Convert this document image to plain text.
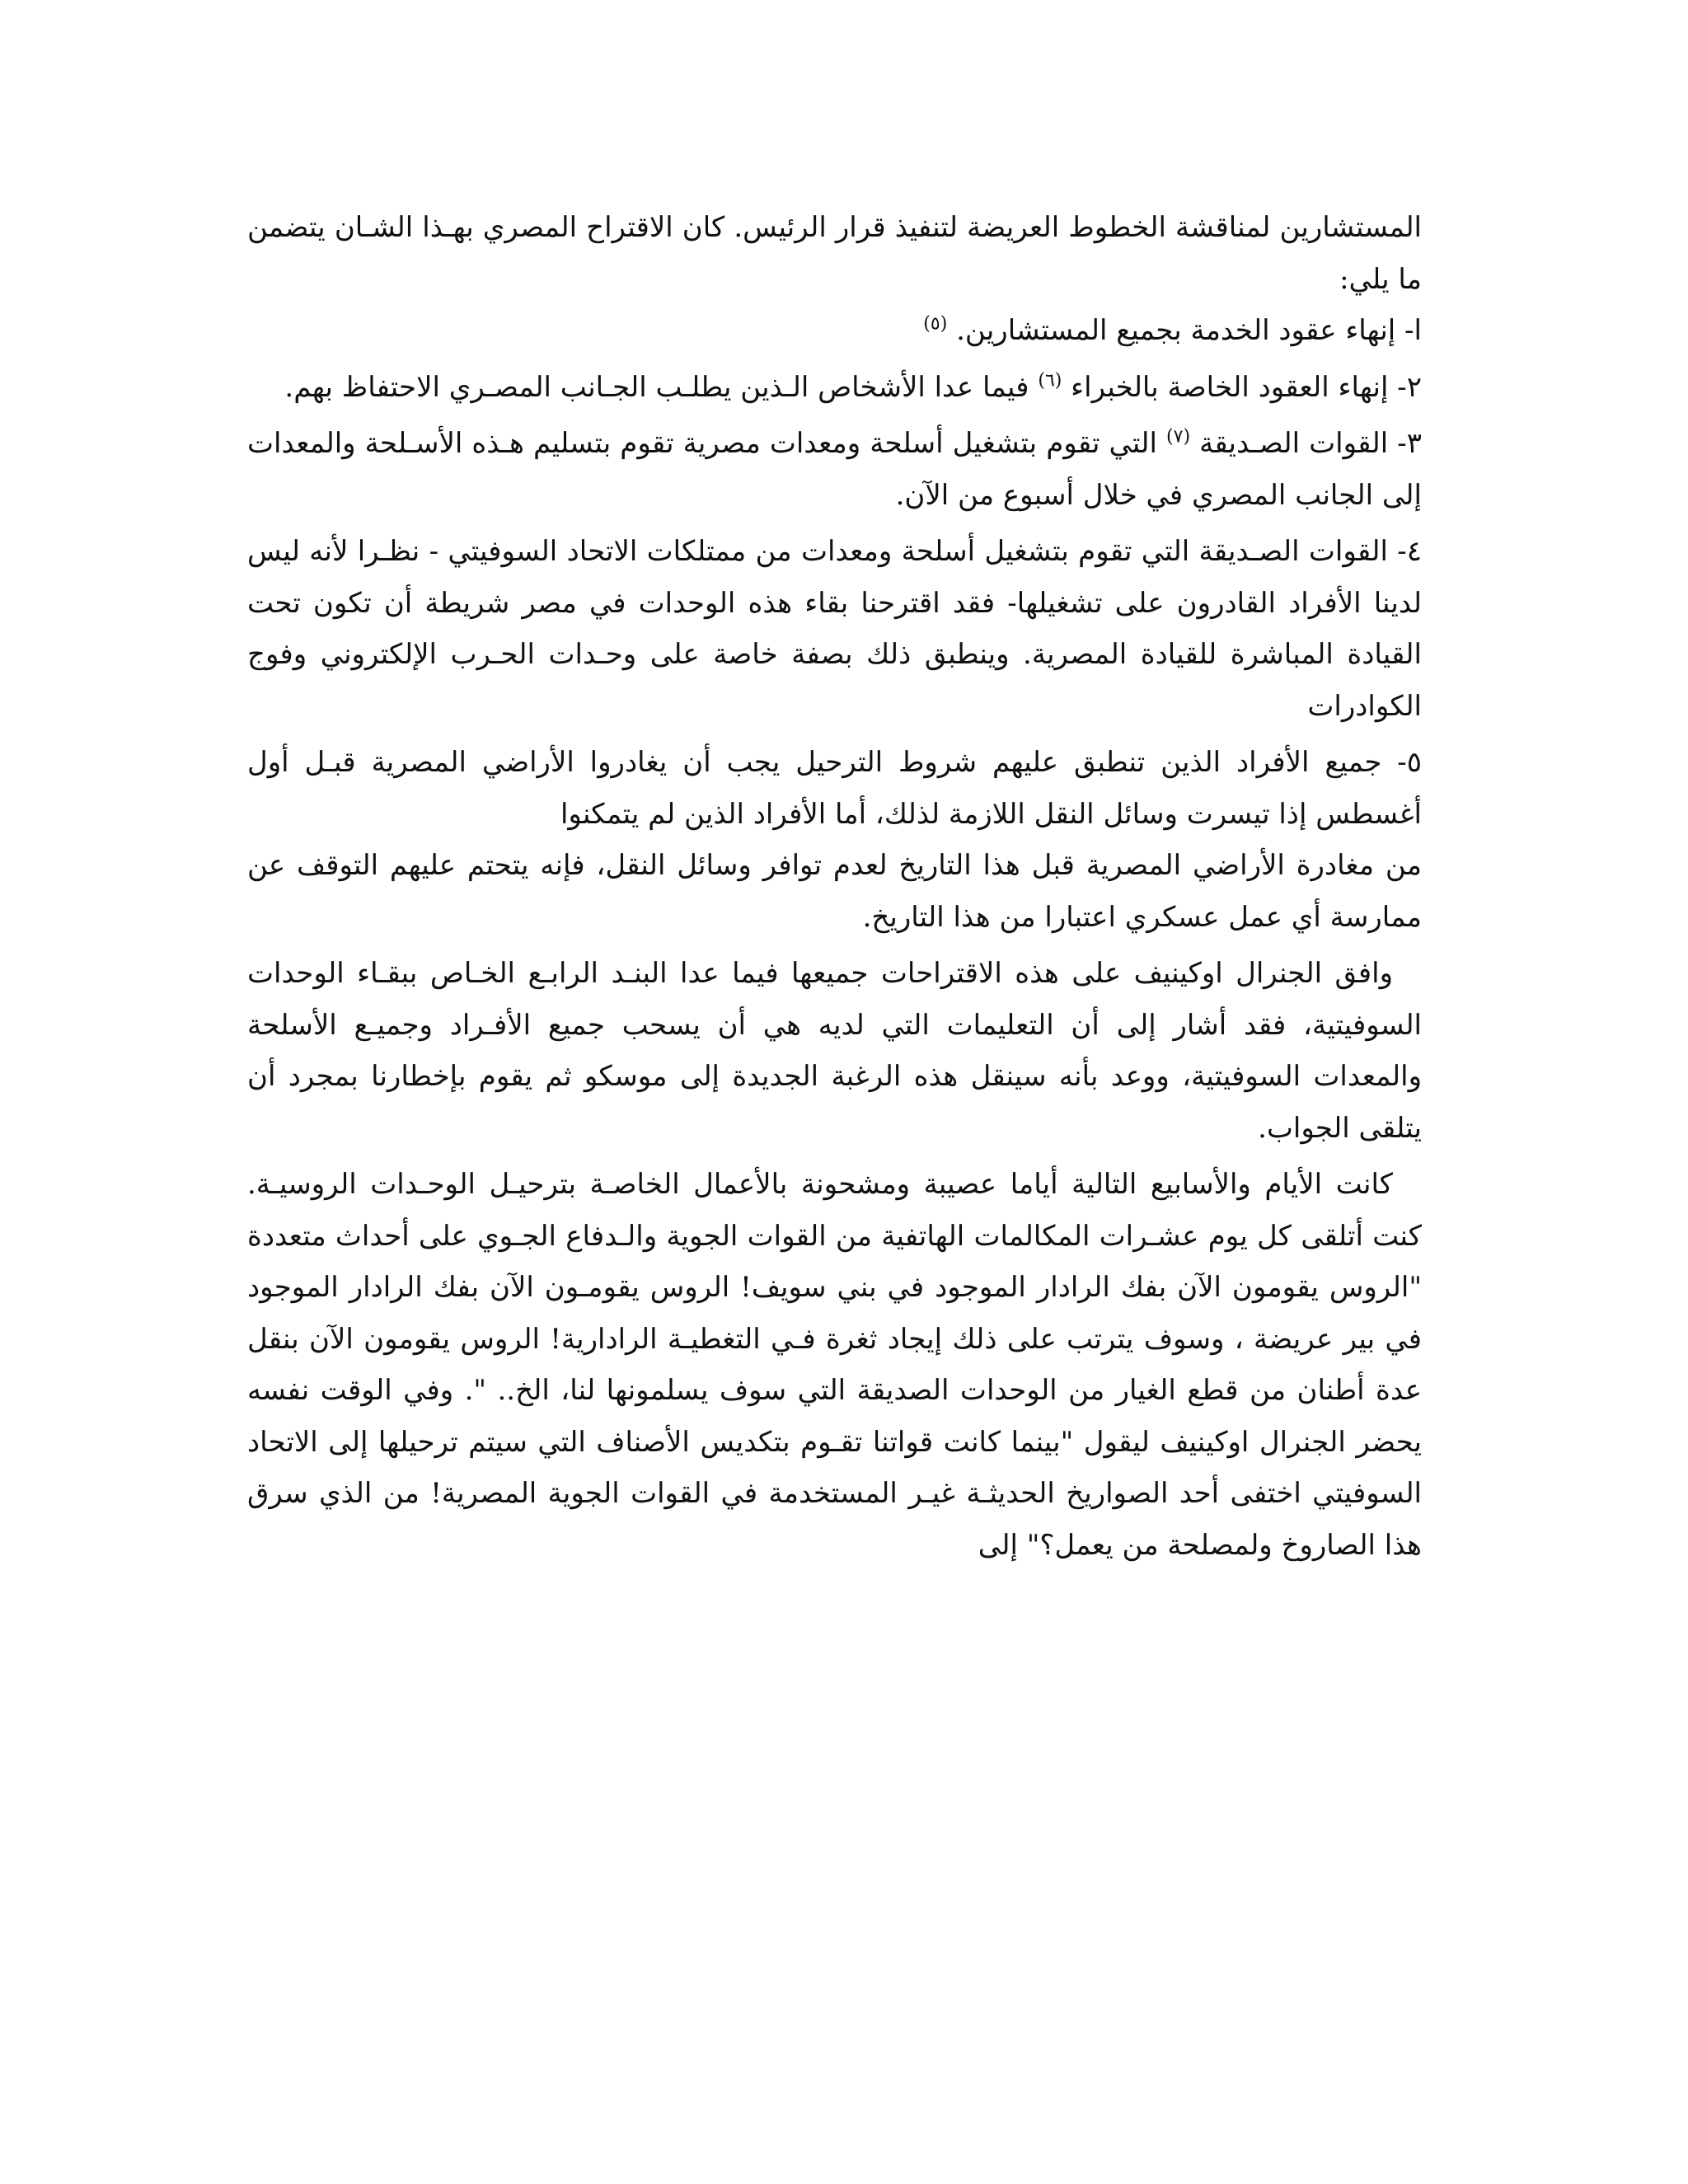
المستشارين لمناقشة الخطوط العريضة لتنفيذ قرار الرئيس. كان الاقتراح المصري بهـذا الشـان يتضمن ما يلي:

ا- إنهاء عقود الخدمة بجميع المستشارين. $^{(٥)}$

٢- إنهاء العقود الخاصة بالخبراء $^{(٦)}$ فيما عدا الأشخاص الـذين يطلـب الجـانب المصـري الاحتفاظ بهم.

٣- القوات الصـديقة $^{(٧)}$ التي تقوم بتشغيل أسلحة ومعدات مصرية تقوم بتسليم هـذه الأسـلحة والمعدات إلى الجانب المصري في خلال أسبوع من الآن.

٤- القوات الصـديقة التي تقوم بتشغيل أسلحة ومعدات من ممتلكات الاتحاد السوفيتي - نظـرا لأنه ليس لدينا الأفراد القادرون على تشغيلها- فقد اقترحنا بقاء هذه الوحدات في مصر شريطة أن تكون تحت القيادة المباشرة للقيادة المصرية. وينطبق ذلك بصفة خاصة على وحـدات الحـرب الإلكتروني وفوج الكوادرات

٥- جميع الأفراد الذين تنطبق عليهم شروط الترحيل يجب أن يغادروا الأراضي المصرية قبـل أول أغسطس إذا تيسرت وسائل النقل اللازمة لذلك، أما الأفراد الذين لم يتمكنوا

من مغادرة الأراضي المصرية قبل هذا التاريخ لعدم توافر وسائل النقل، فإنه يتحتم عليهم التوقف عن ممارسة أي عمل عسكري اعتبارا من هذا التاريخ.

وافق الجنرال اوكينيف على هذه الاقتراحات جميعها فيما عدا البنـد الرابـع الخـاص ببقـاء الوحدات السوفيتية، فقد أشار إلى أن التعليمات التي لديه هي أن يسحب جميع الأفـراد وجميـع الأسلحة والمعدات السوفيتية، ووعد بأنه سينقل هذه الرغبة الجديدة إلى موسكو ثم يقوم بإخطارنا بمجرد أن يتلقى الجواب.

كانت الأيام والأسابيع التالية أياما عصيبة ومشحونة بالأعمال الخاصـة بترحيـل الوحـدات الروسيـة. كنت أتلقى كل يوم عشـرات المكالمات الهاتفية من القوات الجوية والـدفاع الجـوي على أحداث متعددة "الروس يقومون الآن بفك الرادار الموجود في بني سويف! الروس يقومـون الآن بفك الرادار الموجود في بير عريضة ، وسوف يترتب على ذلك إيجاد ثغرة فـي التغطيـة الرادارية! الروس يقومون الآن بنقل عدة أطنان من قطع الغيار من الوحدات الصديقة التي سوف يسلمونها لنا، الخ.. ". وفي الوقت نفسه يحضر الجنرال اوكينيف ليقول "بينما كانت قواتنا تقـوم بتكديس الأصناف التي سيتم ترحيلها إلى الاتحاد السوفيتي اختفى أحد الصواريخ الحديثـة غيـر المستخدمة في القوات الجوية المصرية! من الذي سرق هذا الصاروخ ولمصلحة من يعمل؟" إلى
